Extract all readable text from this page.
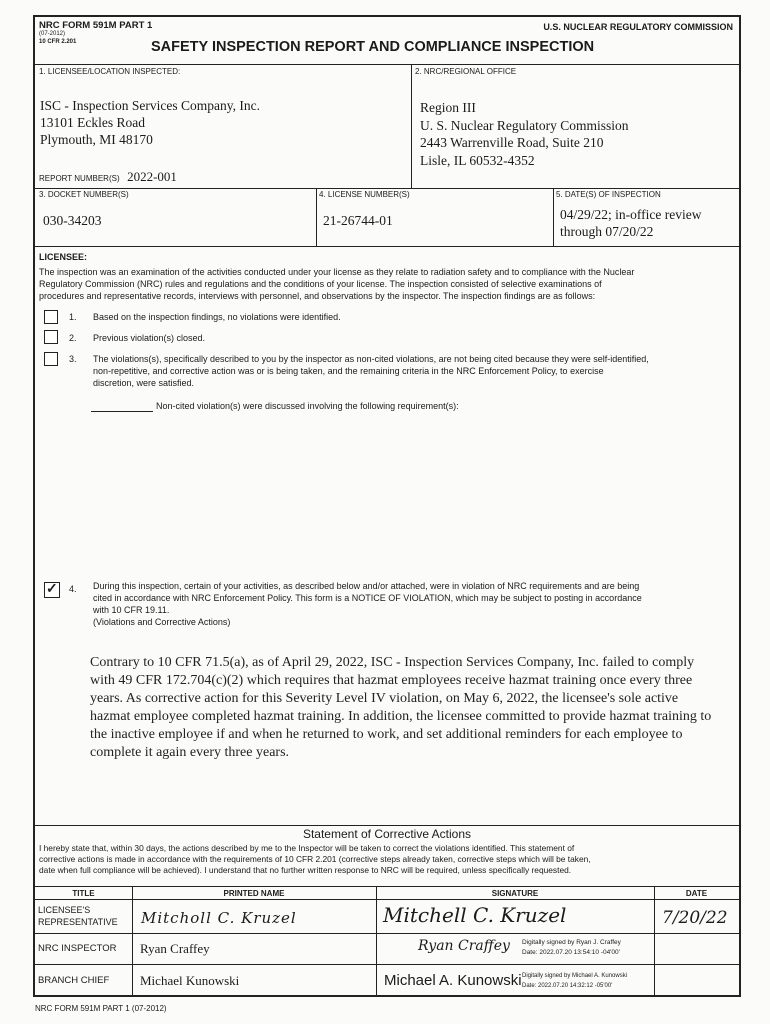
NRC FORM 591M PART 1
(07-2012)
10 CFR 2.201
U.S. NUCLEAR REGULATORY COMMISSION
SAFETY INSPECTION REPORT AND COMPLIANCE INSPECTION
1. LICENSEE/LOCATION INSPECTED:
ISC - Inspection Services Company, Inc.
13101 Eckles Road
Plymouth, MI 48170
REPORT NUMBER(S) 2022-001
2. NRC/REGIONAL OFFICE
Region III
U. S. Nuclear Regulatory Commission
2443 Warrenville Road, Suite 210
Lisle, IL 60532-4352
3. DOCKET NUMBER(S)
030-34203
4. LICENSE NUMBER(S)
21-26744-01
5. DATE(S) OF INSPECTION
04/29/22; in-office review
through 07/20/22
LICENSEE:
The inspection was an examination of the activities conducted under your license as they relate to radiation safety and to compliance with the Nuclear
Regulatory Commission (NRC) rules and regulations and the conditions of your license. The inspection consisted of selective examinations of
procedures and representative records, interviews with personnel, and observations by the inspector. The inspection findings are as follows:
1. Based on the inspection findings, no violations were identified.
2. Previous violation(s) closed.
3. The violations(s), specifically described to you by the inspector as non-cited violations, are not being cited because they were self-identified,
non-repetitive, and corrective action was or is being taken, and the remaining criteria in the NRC Enforcement Policy, to exercise
discretion, were satisfied.
Non-cited violation(s) were discussed involving the following requirement(s):
✓ 4. During this inspection, certain of your activities, as described below and/or attached, were in violation of NRC requirements and are being
cited in accordance with NRC Enforcement Policy. This form is a NOTICE OF VIOLATION, which may be subject to posting in accordance
with 10 CFR 19.11.
(Violations and Corrective Actions)
Contrary to 10 CFR 71.5(a), as of April 29, 2022, ISC - Inspection Services Company, Inc. failed to comply
with 49 CFR 172.704(c)(2) which requires that hazmat employees receive hazmat training once every three
years. As corrective action for this Severity Level IV violation, on May 6, 2022, the licensee's sole active
hazmat employee completed hazmat training. In addition, the licensee committed to provide hazmat training to
the inactive employee if and when he returned to work, and set additional reminders for each employee to
complete it again every three years.
Statement of Corrective Actions
I hereby state that, within 30 days, the actions described by me to the Inspector will be taken to correct the violations identified. This statement of
corrective actions is made in accordance with the requirements of 10 CFR 2.201 (corrective steps already taken, corrective steps which will be taken,
date when full compliance will be achieved). I understand that no further written response to NRC will be required, unless specifically requested.
TITLE	PRINTED NAME	SIGNATURE	DATE
LICENSEE'S
REPRESENTATIVE Mitcholl C. Kruzel	Mitchell C. Kruzel	7/20/22
NRC INSPECTOR Ryan Craffey	Ryan Craffey Digitally signed by Ryan J. Craffey
Date: 2022.07.20 13:54:10 -04'00'
BRANCH CHIEF Michael Kunowski	Michael A. Kunowski Digitally signed by Michael A. Kunowski
Date: 2022.07.20 14:32:12 -05'00'
NRC FORM 591M PART 1 (07-2012)
